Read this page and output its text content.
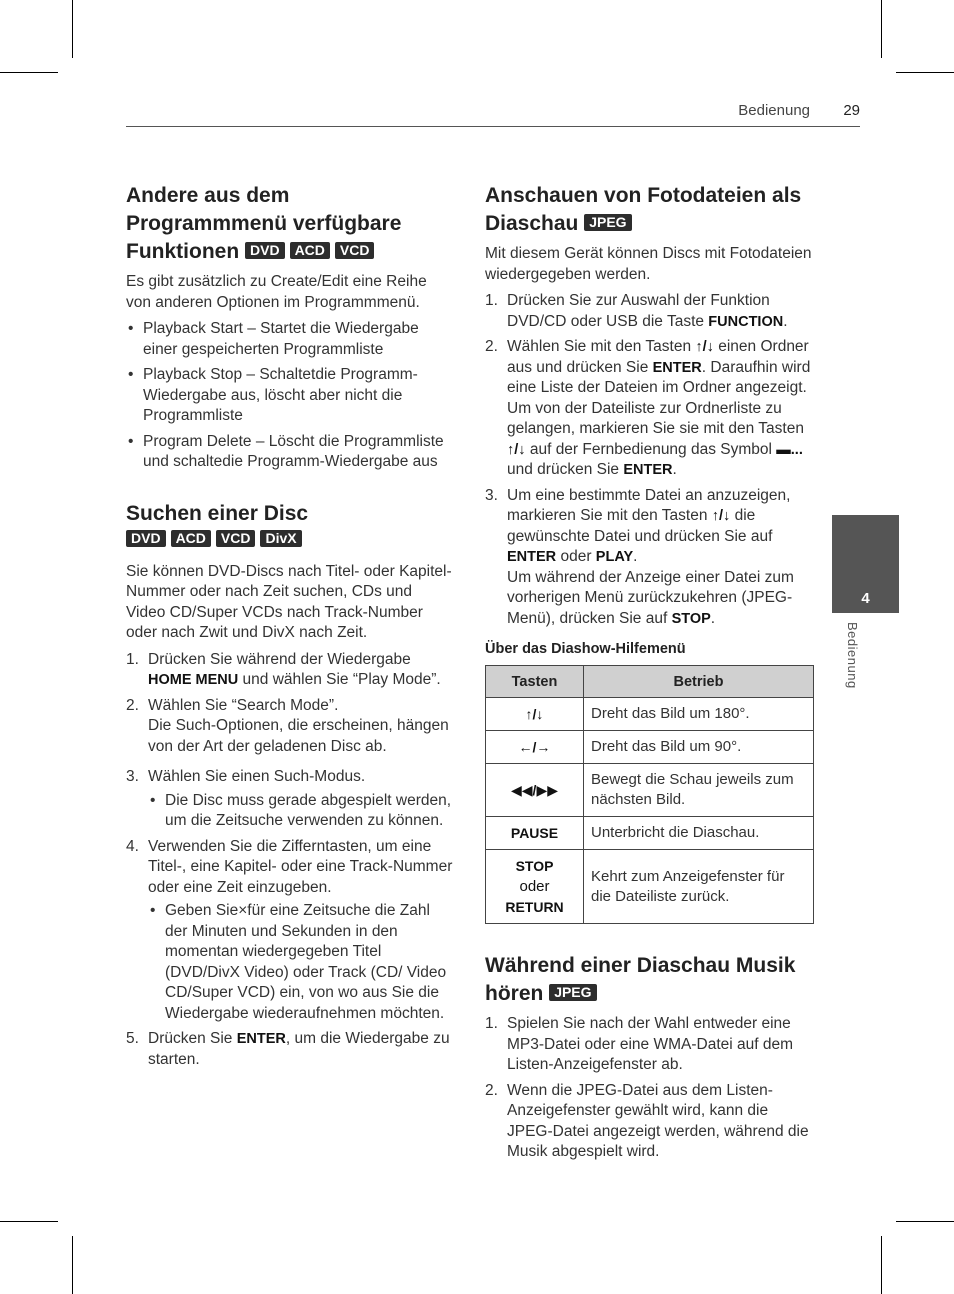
Bedienung 29
4
Bedienung
Andere aus dem Programmmenü verfügbare Funktionen DVD ACD VCD

Es gibt zusätzlich zu Create/Edit eine Reihe von anderen Optionen im Programmmenü.

• Playback Start – Startet die Wiedergabe einer gespeicherten Programmliste
• Playback Stop – Schaltetdie Programm-Wiedergabe aus, löscht aber nicht die Programmliste
• Program Delete – Löscht die Programmliste und schaltedie Programm-Wiedergabe aus
Suchen einer Disc
DVD ACD VCD DivX

Sie können DVD-Discs nach Titel- oder Kapitel-Nummer oder nach Zeit suchen, CDs und Video CD/Super VCDs nach Track-Number oder nach Zwit und DivX nach Zeit.

1. Drücken Sie während der Wiedergabe HOME MENU und wählen Sie “Play Mode”.
2. Wählen Sie “Search Mode”.
Die Such-Optionen, die erscheinen, hängen von der Art der geladenen Disc ab.
3. Wählen Sie einen Such-Modus.
• Die Disc muss gerade abgespielt werden, um die Zeitsuche verwenden zu können.
4. Verwenden Sie die Zifferntasten, um eine Titel-, eine Kapitel- oder eine Track-Nummer oder eine Zeit einzugeben.
• Geben Sie×für eine Zeitsuche die Zahl der Minuten und Sekunden in den momentan wiedergegeben Titel (DVD/DivX Video) oder Track (CD/ Video CD/Super VCD) ein, von wo aus Sie die Wiedergabe wiederaufnehmen möchten.
5. Drücken Sie ENTER, um die Wiedergabe zu starten.
Anschauen von Fotodateien als Diaschau JPEG

Mit diesem Gerät können Discs mit Fotodateien wiedergegeben werden.

1. Drücken Sie zur Auswahl der Funktion DVD/CD oder USB die Taste FUNCTION.
2. Wählen Sie mit den Tasten ↑/↓ einen Ordner aus und drücken Sie ENTER. Daraufhin wird eine Liste der Dateien im Ordner angezeigt. Um von der Dateiliste zur Ordnerliste zu gelangen, markieren Sie sie mit den Tasten ↑/↓ auf der Fernbedienung das Symbol ▬... und drücken Sie ENTER.
3. Um eine bestimmte Datei an anzuzeigen, markieren Sie mit den Tasten ↑/↓ die gewünschte Datei und drücken Sie auf ENTER oder PLAY.
Um während der Anzeige einer Datei zum vorherigen Menü zurückzukehren (JPEG-Menü), drücken Sie auf STOP.
Über das Diashow-Hilfemenü
Tasten	Betrieb
↑/↓	Dreht das Bild um 180°.
←/→	Dreht das Bild um 90°.
◀◀/▶▶	Bewegt die Schau jeweils zum nächsten Bild.
PAUSE	Unterbricht die Diaschau.
STOP
oder
RETURN	Kehrt zum Anzeigefenster für die Dateiliste zurück.
Während einer Diaschau Musik hören JPEG
1. Spielen Sie nach der Wahl entweder eine MP3-Datei oder eine WMA-Datei auf dem Listen-Anzeigefenster ab.
2. Wenn die JPEG-Datei aus dem Listen-Anzeigefenster gewählt wird, kann die JPEG-Datei angezeigt werden, während die Musik abgespielt wird.
